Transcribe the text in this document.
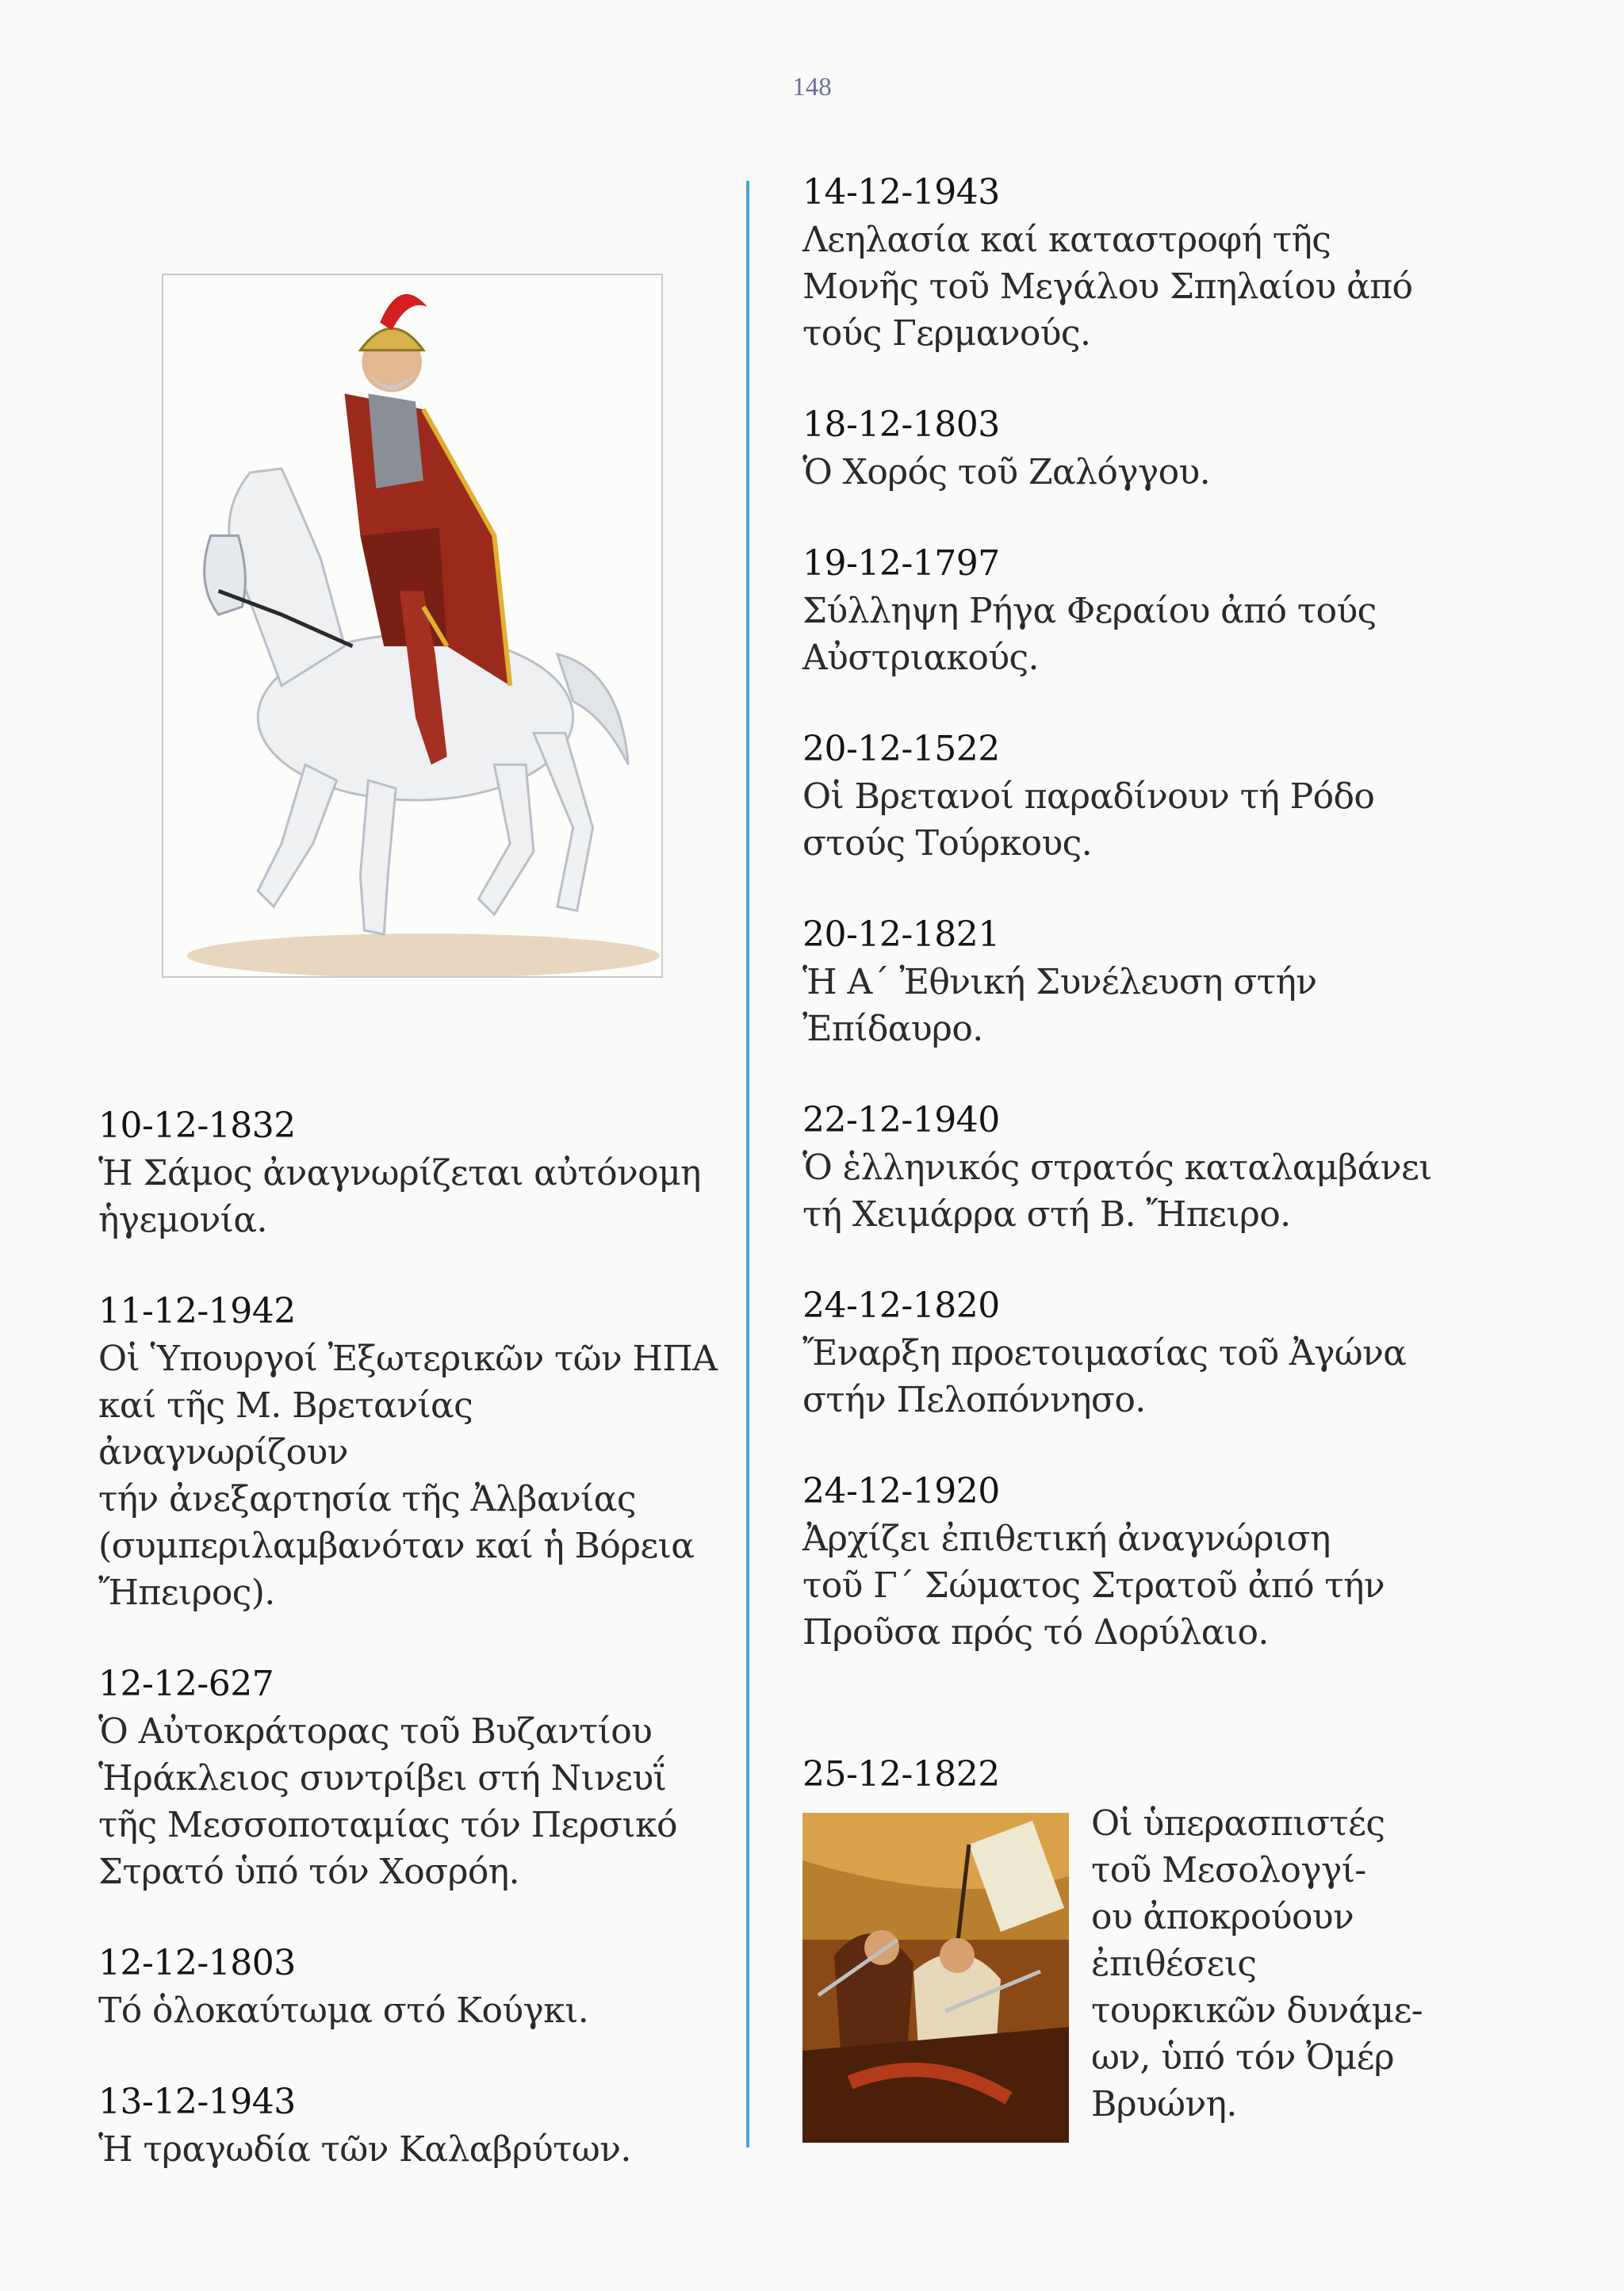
148
10-12-1832
Ἡ Σάμος ἀναγνωρίζεται αὐτόνομη
ἡγεμονία.
11-12-1942
Οἱ Ὑπουργοί Ἐξωτερικῶν τῶν ΗΠΑ
καί τῆς Μ. Βρετανίας ἀναγνωρίζουν
τήν ἀνεξαρτησία τῆς Ἀλβανίας
(συμπεριλαμβανόταν καί ἡ Βόρεια
Ἤπειρος).
12-12-627
Ὁ Αὐτοκράτορας τοῦ Βυζαντίου
Ἡράκλειος συντρίβει στή Νινευΐ
τῆς Μεσσοποταμίας τόν Περσικό
Στρατό ὑπό τόν Χοσρόη.
12-12-1803
Τό ὁλοκαύτωμα στό Κούγκι.
13-12-1943
Ἡ τραγωδία τῶν Καλαβρύτων.
14-12-1943
Λεηλασία καί καταστροφή τῆς
Μονῆς τοῦ Μεγάλου Σπηλαίου ἀπό
τούς Γερμανούς.
18-12-1803
Ὁ Χορός τοῦ Ζαλόγγου.
19-12-1797
Σύλληψη Ρήγα Φεραίου ἀπό τούς
Αὐστριακούς.
20-12-1522
Οἱ Βρετανοί παραδίνουν τή Ρόδο
στούς Τούρκους.
20-12-1821
Ἡ Α΄ Ἐθνική Συνέλευση στήν
Ἐπίδαυρο.
22-12-1940
Ὁ ἑλληνικός στρατός καταλαμβάνει
τή Χειμάρρα στή Β. Ἤπειρο.
24-12-1820
Ἔναρξη προετοιμασίας τοῦ Ἀγώνα
στήν Πελοπόννησο.
24-12-1920
Ἀρχίζει ἐπιθετική ἀναγνώριση
τοῦ Γ΄ Σώματος Στρατοῦ ἀπό τήν
Προῦσα πρός τό Δορύλαιο.
25-12-1822
Οἱ ὑπερασπιστές
τοῦ Μεσολογγί-
ου ἀποκρούουν
ἐπιθέσεις
τουρκικῶν δυνάμε-
ων, ὑπό τόν Ὀμέρ
Βρυώνη.
